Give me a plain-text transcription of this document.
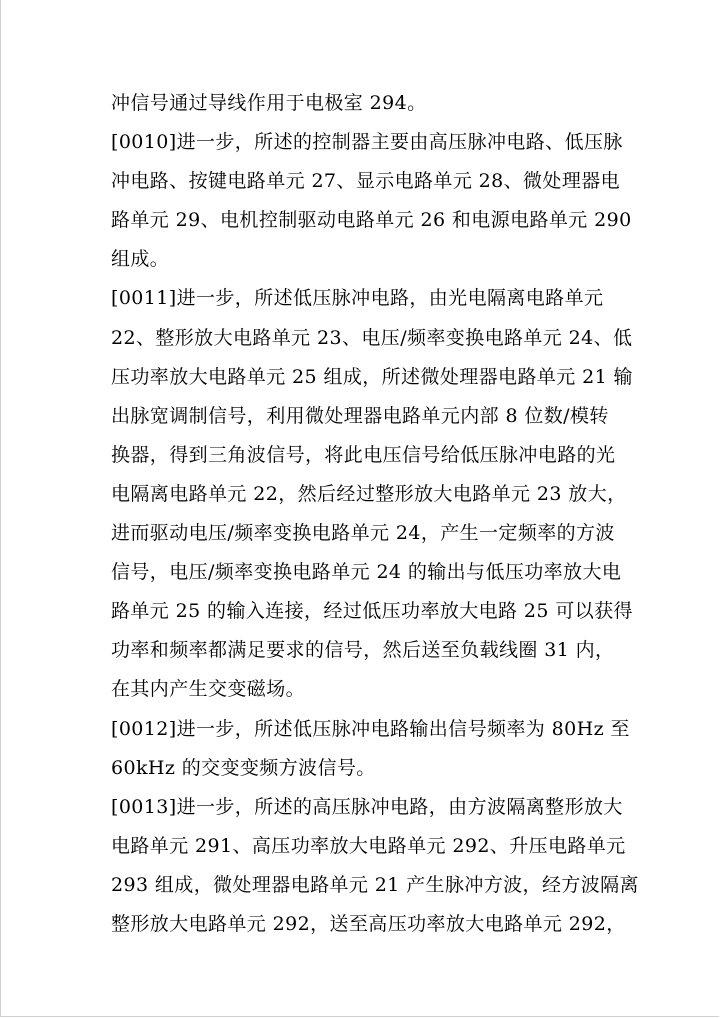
冲信号通过导线作用于电极室 294。
[0010]进一步，所述的控制器主要由高压脉冲电路、低压脉
冲电路、按键电路单元 27、显示电路单元 28、微处理器电
路单元 29、电机控制驱动电路单元 26 和电源电路单元 290
组成。
[0011]进一步，所述低压脉冲电路，由光电隔离电路单元
22、整形放大电路单元 23、电压/频率变换电路单元 24、低
压功率放大电路单元 25 组成，所述微处理器电路单元 21 输
出脉宽调制信号，利用微处理器电路单元内部 8 位数/模转
换器，得到三角波信号，将此电压信号给低压脉冲电路的光
电隔离电路单元 22，然后经过整形放大电路单元 23 放大，
进而驱动电压/频率变换电路单元 24，产生一定频率的方波
信号，电压/频率变换电路单元 24 的输出与低压功率放大电
路单元 25 的输入连接，经过低压功率放大电路 25 可以获得
功率和频率都满足要求的信号，然后送至负载线圈 31 内，
在其内产生交变磁场。
[0012]进一步，所述低压脉冲电路输出信号频率为 80Hz 至
60kHz 的交变变频方波信号。
[0013]进一步，所述的高压脉冲电路，由方波隔离整形放大
电路单元 291、高压功率放大电路单元 292、升压电路单元
293 组成，微处理器电路单元 21 产生脉冲方波，经方波隔离
整形放大电路单元 292，送至高压功率放大电路单元 292，
